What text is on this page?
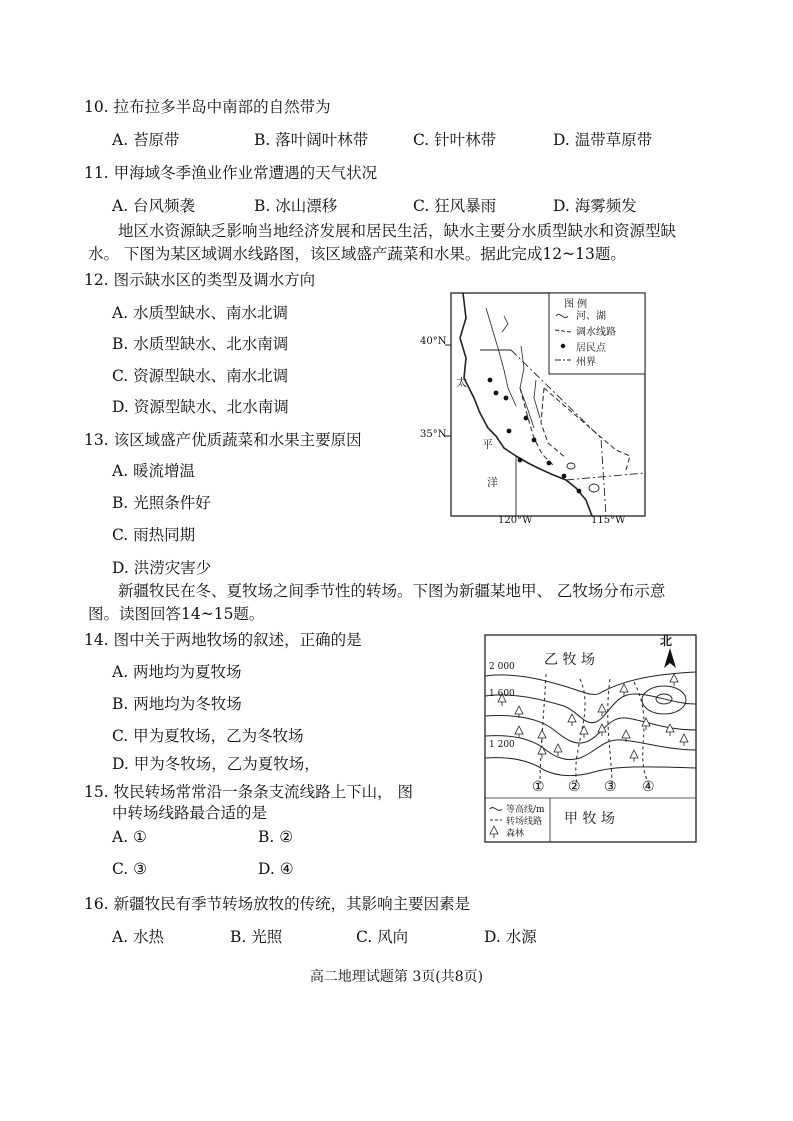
10. 拉布拉多半岛中南部的自然带为
A. 苔原带	B. 落叶阔叶林带	C. 针叶林带	D. 温带草原带
11. 甲海域冬季渔业作业常遭遇的天气状况
A. 台风频袭	B. 冰山漂移	C. 狂风暴雨	D. 海雾频发
地区水资源缺乏影响当地经济发展和居民生活，缺水主要分水质型缺水和资源型缺
水。 下图为某区域调水线路图，该区域盛产蔬菜和水果。据此完成12~13题。
12. 图示缺水区的类型及调水方向
A. 水质型缺水、南水北调
B. 水质型缺水、北水南调
C. 资源型缺水、南水北调
D. 资源型缺水、北水南调
13. 该区域盛产优质蔬菜和水果主要原因
A. 暖流增温
B. 光照条件好
C. 雨热同期
D. 洪涝灾害少
图 例
河、湖
调水线路
居民点
州界
40°N
35°N
120°W	115°W
太
平
洋
新疆牧民在冬、夏牧场之间季节性的转场。下图为新疆某地甲、 乙牧场分布示意
图。读图回答14~15题。
14. 图中关于两地牧场的叙述，正确的是
A. 两地均为夏牧场
B. 两地均为冬牧场
C. 甲为夏牧场，乙为冬牧场
D. 甲为冬牧场，乙为夏牧场，
15. 牧民转场常常沿一条条支流线路上下山， 图
中转场线路最合适的是
A. ①	B. ②
C. ③	D. ④
北
乙 牧 场
甲 牧 场
2 000
1 600
1 200
① ② ③ ④
等高线/m
转场线路
森林
16. 新疆牧民有季节转场放牧的传统，其影响主要因素是
A. 水热	B. 光照	C. 风向	D. 水源
高二地理试题第 3页(共8页)
